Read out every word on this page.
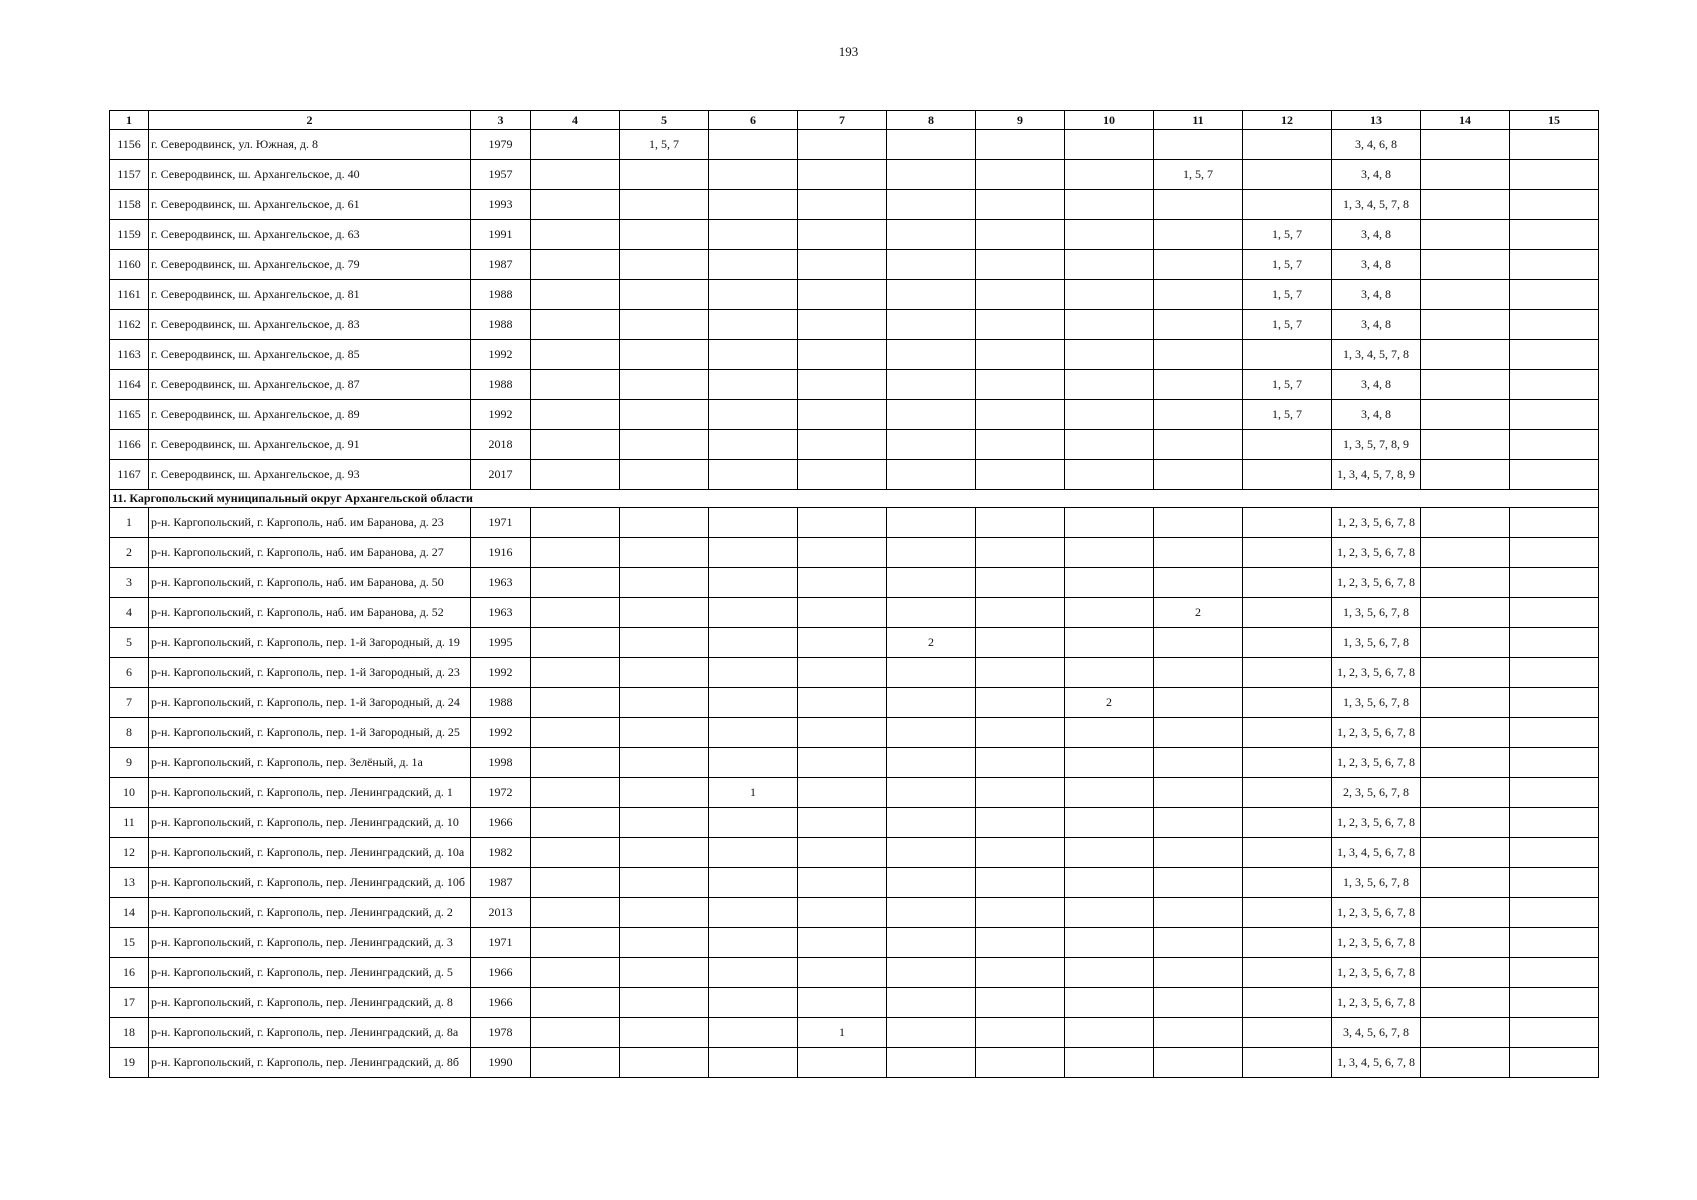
193
1	2	3	4	5	6	7	8	9	10	11	12	13	14	15
1156	г. Северодвинск, ул. Южная, д. 8	1979		1, 5, 7								3, 4, 6, 8		
1157	г. Северодвинск, ш. Архангельское, д. 40	1957								1, 5, 7		3, 4, 8		
1158	г. Северодвинск, ш. Архангельское, д. 61	1993										1, 3, 4, 5, 7, 8		
1159	г. Северодвинск, ш. Архангельское, д. 63	1991									1, 5, 7	3, 4, 8		
1160	г. Северодвинск, ш. Архангельское, д. 79	1987									1, 5, 7	3, 4, 8		
1161	г. Северодвинск, ш. Архангельское, д. 81	1988									1, 5, 7	3, 4, 8		
1162	г. Северодвинск, ш. Архангельское, д. 83	1988									1, 5, 7	3, 4, 8		
1163	г. Северодвинск, ш. Архангельское, д. 85	1992										1, 3, 4, 5, 7, 8		
1164	г. Северодвинск, ш. Архангельское, д. 87	1988									1, 5, 7	3, 4, 8		
1165	г. Северодвинск, ш. Архангельское, д. 89	1992									1, 5, 7	3, 4, 8		
1166	г. Северодвинск, ш. Архангельское, д. 91	2018										1, 3, 5, 7, 8, 9		
1167	г. Северодвинск, ш. Архангельское, д. 93	2017										1, 3, 4, 5, 7, 8, 9		
11. Каргопольский муниципальный округ Архангельской области														
1	р-н. Каргопольский, г. Каргополь, наб. им Баранова, д. 23	1971										1, 2, 3, 5, 6, 7, 8		
2	р-н. Каргопольский, г. Каргополь, наб. им Баранова, д. 27	1916										1, 2, 3, 5, 6, 7, 8		
3	р-н. Каргопольский, г. Каргополь, наб. им Баранова, д. 50	1963										1, 2, 3, 5, 6, 7, 8		
4	р-н. Каргопольский, г. Каргополь, наб. им Баранова, д. 52	1963								2		1, 3, 5, 6, 7, 8		
5	р-н. Каргопольский, г. Каргополь, пер. 1-й Загородный, д. 19	1995					2					1, 3, 5, 6, 7, 8		
6	р-н. Каргопольский, г. Каргополь, пер. 1-й Загородный, д. 23	1992										1, 2, 3, 5, 6, 7, 8		
7	р-н. Каргопольский, г. Каргополь, пер. 1-й Загородный, д. 24	1988							2			1, 3, 5, 6, 7, 8		
8	р-н. Каргопольский, г. Каргополь, пер. 1-й Загородный, д. 25	1992										1, 2, 3, 5, 6, 7, 8		
9	р-н. Каргопольский, г. Каргополь, пер. Зелёный, д. 1а	1998										1, 2, 3, 5, 6, 7, 8		
10	р-н. Каргопольский, г. Каргополь, пер. Ленинградский, д. 1	1972			1							2, 3, 5, 6, 7, 8		
11	р-н. Каргопольский, г. Каргополь, пер. Ленинградский, д. 10	1966										1, 2, 3, 5, 6, 7, 8		
12	р-н. Каргопольский, г. Каргополь, пер. Ленинградский, д. 10а	1982										1, 3, 4, 5, 6, 7, 8		
13	р-н. Каргопольский, г. Каргополь, пер. Ленинградский, д. 10б	1987										1, 3, 5, 6, 7, 8		
14	р-н. Каргопольский, г. Каргополь, пер. Ленинградский, д. 2	2013										1, 2, 3, 5, 6, 7, 8		
15	р-н. Каргопольский, г. Каргополь, пер. Ленинградский, д. 3	1971										1, 2, 3, 5, 6, 7, 8		
16	р-н. Каргопольский, г. Каргополь, пер. Ленинградский, д. 5	1966										1, 2, 3, 5, 6, 7, 8		
17	р-н. Каргопольский, г. Каргополь, пер. Ленинградский, д. 8	1966										1, 2, 3, 5, 6, 7, 8		
18	р-н. Каргопольский, г. Каргополь, пер. Ленинградский, д. 8а	1978				1						3, 4, 5, 6, 7, 8		
19	р-н. Каргопольский, г. Каргополь, пер. Ленинградский, д. 8б	1990										1, 3, 4, 5, 6, 7, 8		
